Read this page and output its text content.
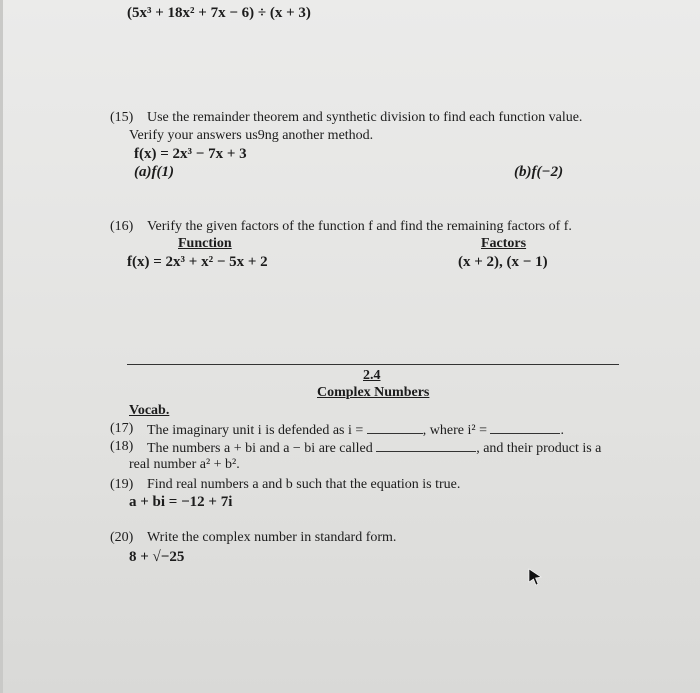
(5x³ + 18x² + 7x − 6) ÷ (x + 3)
(15) Use the remainder theorem and synthetic division to find each function value.
Verify your answers us9ng another method.
f(x) = 2x³ − 7x + 3
(a)f(1)	(b)f(−2)
(16) Verify the given factors of the function f and find the remaining factors of f.
Function	Factors
f(x) = 2x³ + x² − 5x + 2	(x + 2), (x − 1)
2.4
Complex Numbers
Vocab.
(17) The imaginary unit i is defended as i =	, where i² =	.
(18) The numbers a + bi and a − bi are called	, and their product is a
real number a² + b².
(19) Find real numbers a and b such that the equation is true.
a + bi = −12 + 7i
(20) Write the complex number in standard form.
8 + √−25
